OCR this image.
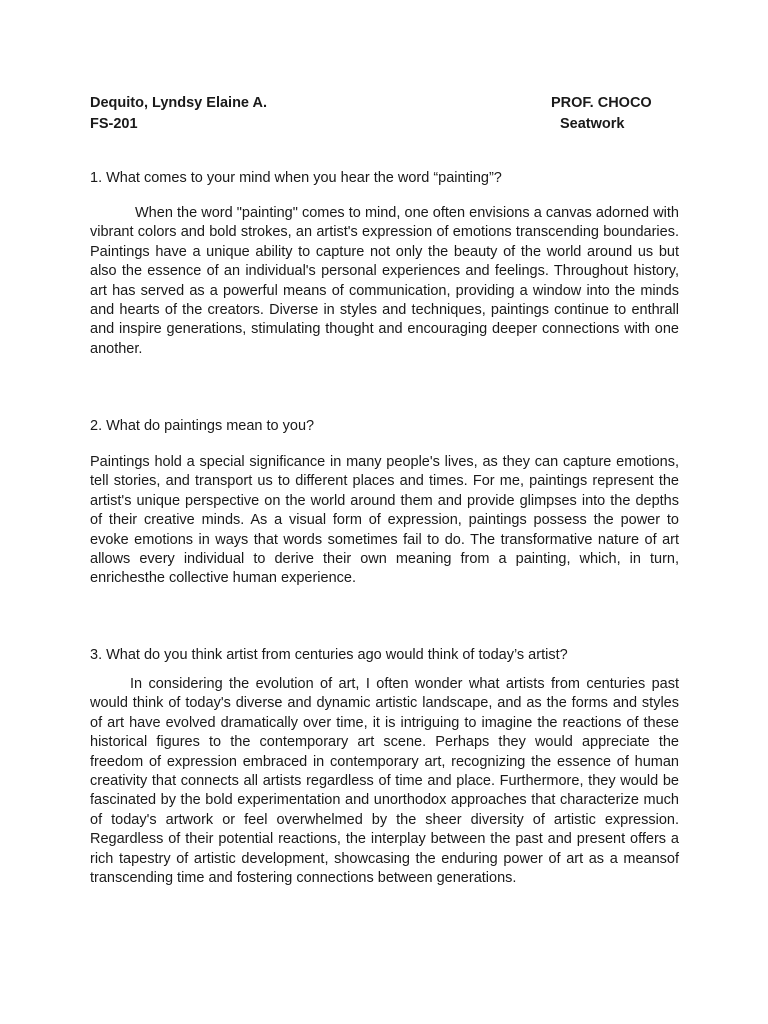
Dequito, Lyndsy Elaine A.
FS-201
PROF. CHOCO
Seatwork
1. What comes to your mind when you hear the word “painting”?
When the word "painting" comes to mind, one often envisions a canvas adorned with vibrant colors and bold strokes, an artist's expression of emotions transcending boundaries. Paintings have a unique ability to capture not only the beauty of the world around us but also the essence of an individual's personal experiences and feelings. Throughout history, art has served as a powerful means of communication, providing a window into the minds and hearts of the creators. Diverse in styles and techniques, paintings continue to enthrall and inspire generations, stimulating thought and encouraging deeper connections with one another.
2. What do paintings mean to you?
Paintings hold a special significance in many people's lives, as they can capture emotions, tell stories, and transport us to different places and times. For me, paintings represent the artist's unique perspective on the world around them and provide glimpses into the depths of their creative minds. As a visual form of expression, paintings possess the power to evoke emotions in ways that words sometimes fail to do. The transformative nature of art allows every individual to derive their own meaning from a painting, which, in turn, enrichesthe collective human experience.
3. What do you think artist from centuries ago would think of today’s artist?
In considering the evolution of art, I often wonder what artists from centuries past would think of today's diverse and dynamic artistic landscape, and as the forms and styles of art have evolved dramatically over time, it is intriguing to imagine the reactions of these historical figures to the contemporary art scene. Perhaps they would appreciate the freedom of expression embraced in contemporary art, recognizing the essence of human creativity that connects all artists regardless of time and place. Furthermore, they would be fascinated by the bold experimentation and unorthodox approaches that characterize much of today's artwork or feel overwhelmed by the sheer diversity of artistic expression. Regardless of their potential reactions, the interplay between the past and present offers a rich tapestry of artistic development, showcasing the enduring power of art as a meansof transcending time and fostering connections between generations.
